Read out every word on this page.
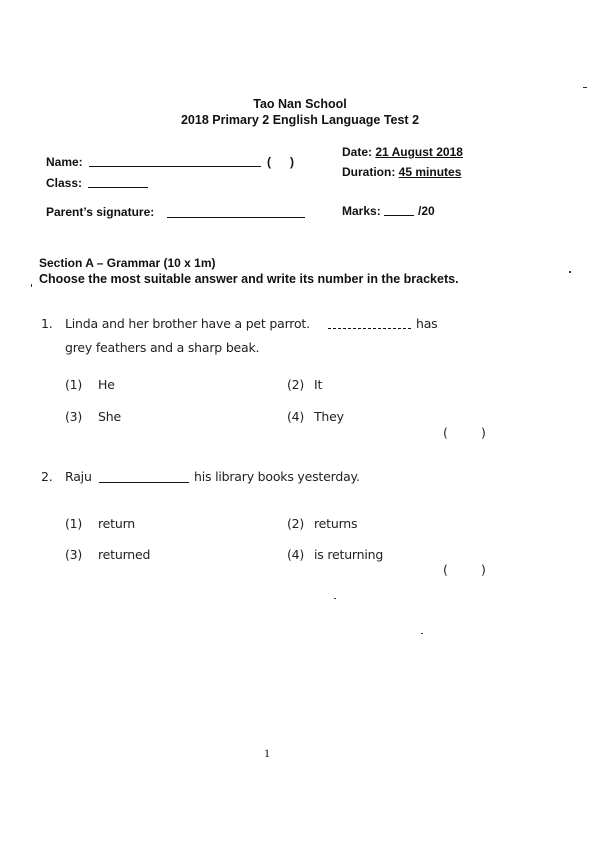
Tao Nan School
2018 Primary 2 English Language Test 2
Name:	( )
Class:
Parent’s signature:
Date: 21 August 2018
Duration: 45 minutes
Marks:	/20
Section A – Grammar (10 x 1m)
Choose the most suitable answer and write its number in the brackets.
1. Linda and her brother have a pet parrot.	has
grey feathers and a sharp beak.
(1) He	(2) It
(3) She	(4) They
(	)
2. Raju	his library books yesterday.
(1) return	(2) returns
(3) returned	(4) is returning
(	)
1
